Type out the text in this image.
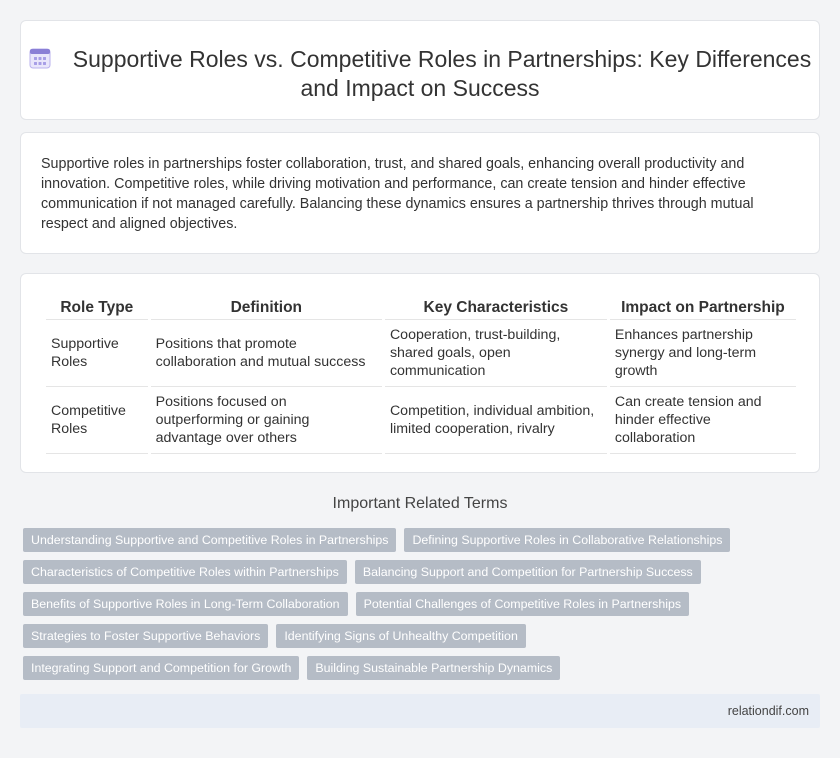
Supportive Roles vs. Competitive Roles in Partnerships: Key Differences and Impact on Success

Supportive roles in partnerships foster collaboration, trust, and shared goals, enhancing overall productivity and innovation. Competitive roles, while driving motivation and performance, can create tension and hinder effective communication if not managed carefully. Balancing these dynamics ensures a partnership thrives through mutual respect and aligned objectives.

Role Type	Definition	Key Characteristics	Impact on Partnership
Supportive Roles	Positions that promote collaboration and mutual success	Cooperation, trust-building, shared goals, open communication	Enhances partnership synergy and long-term growth
Competitive Roles	Positions focused on outperforming or gaining advantage over others	Competition, individual ambition, limited cooperation, rivalry	Can create tension and hinder effective collaboration
Important Related Terms
Understanding Supportive and Competitive Roles in Partnerships	Defining Supportive Roles in Collaborative Relationships
Characteristics of Competitive Roles within Partnerships	Balancing Support and Competition for Partnership Success
Benefits of Supportive Roles in Long-Term Collaboration	Potential Challenges of Competitive Roles in Partnerships
Strategies to Foster Supportive Behaviors	Identifying Signs of Unhealthy Competition
Integrating Support and Competition for Growth	Building Sustainable Partnership Dynamics
relationdif.com
